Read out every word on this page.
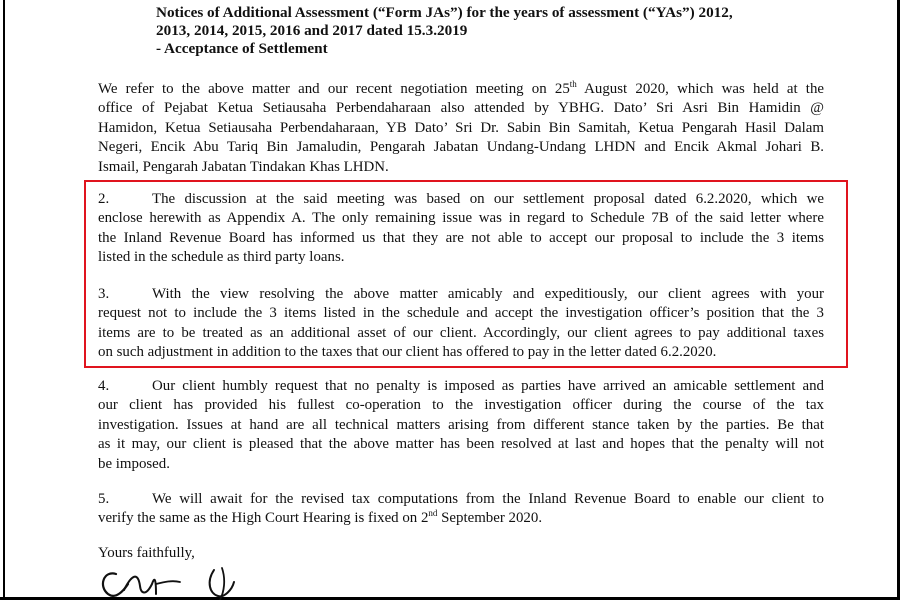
Notices of Additional Assessment (“Form JAs”) for the years of assessment (“YAs”) 2012,
2013, 2014, 2015, 2016 and 2017 dated 15.3.2019
- Acceptance of Settlement
We refer to the above matter and our recent negotiation meeting on 25th August 2020, which was held at the
office of Pejabat Ketua Setiausaha Perbendaharaan also attended by YBHG. Dato’ Sri Asri Bin Hamidin @
Hamidon, Ketua Setiausaha Perbendaharaan, YB Dato’ Sri Dr. Sabin Bin Samitah, Ketua Pengarah Hasil Dalam
Negeri, Encik Abu Tariq Bin Jamaludin, Pengarah Jabatan Undang-Undang LHDN and Encik Akmal Johari B.
Ismail, Pengarah Jabatan Tindakan Khas LHDN.
2.	The discussion at the said meeting was based on our settlement proposal dated 6.2.2020, which we
enclose herewith as Appendix A. The only remaining issue was in regard to Schedule 7B of the said letter where
the Inland Revenue Board has informed us that they are not able to accept our proposal to include the 3 items
listed in the schedule as third party loans.
3.	With the view resolving the above matter amicably and expeditiously, our client agrees with your
request not to include the 3 items listed in the schedule and accept the investigation officer’s position that the 3
items are to be treated as an additional asset of our client. Accordingly, our client agrees to pay additional taxes
on such adjustment in addition to the taxes that our client has offered to pay in the letter dated 6.2.2020.
4.	Our client humbly request that no penalty is imposed as parties have arrived an amicable settlement and
our client has provided his fullest co-operation to the investigation officer during the course of the tax
investigation. Issues at hand are all technical matters arising from different stance taken by the parties. Be that
as it may, our client is pleased that the above matter has been resolved at last and hopes that the penalty will not
be imposed.
5.	We will await for the revised tax computations from the Inland Revenue Board to enable our client to
verify the same as the High Court Hearing is fixed on 2nd September 2020.
Yours faithfully,
